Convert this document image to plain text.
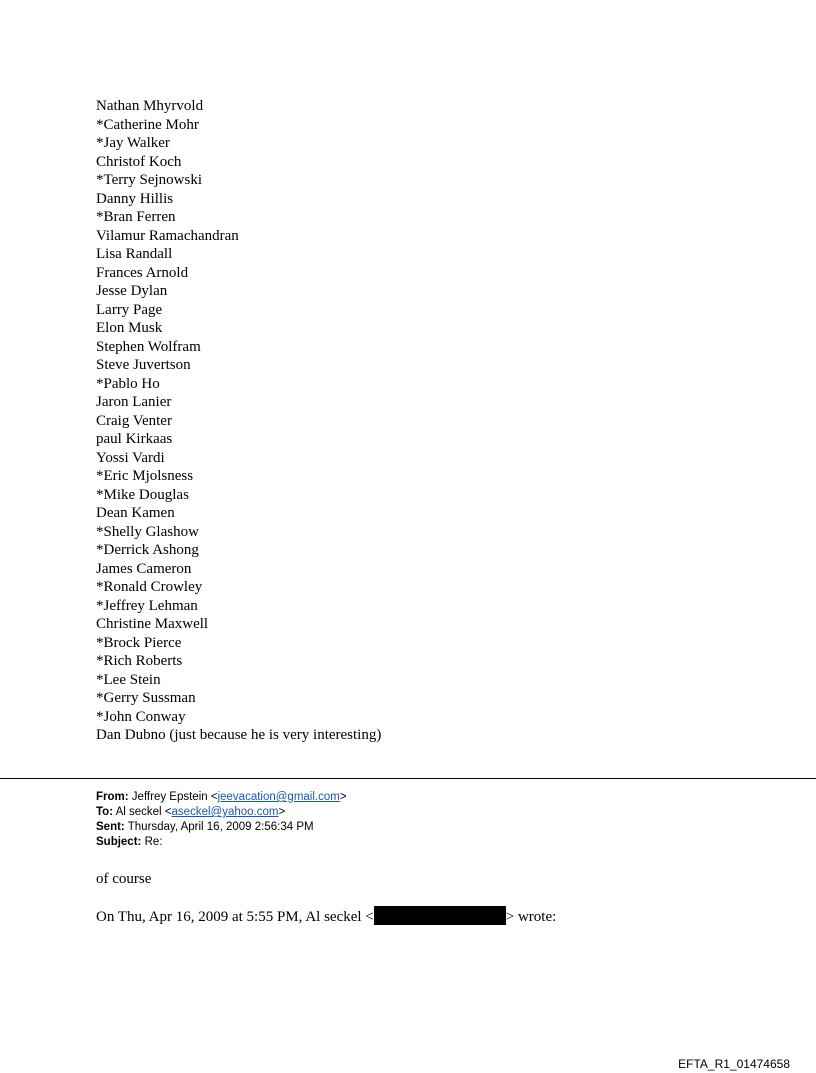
Nathan Mhyrvold
*Catherine Mohr
*Jay Walker
Christof Koch
*Terry Sejnowski
Danny Hillis
*Bran Ferren
Vilamur Ramachandran
Lisa Randall
Frances Arnold
Jesse Dylan
Larry Page
Elon Musk
Stephen Wolfram
Steve Juvertson
*Pablo Ho
Jaron Lanier
Craig Venter
paul Kirkaas
Yossi Vardi
*Eric Mjolsness
*Mike Douglas
Dean Kamen
*Shelly Glashow
*Derrick Ashong
James Cameron
*Ronald Crowley
*Jeffrey Lehman
Christine Maxwell
*Brock Pierce
*Rich Roberts
*Lee Stein
*Gerry Sussman
*John Conway
Dan Dubno (just because he is very interesting)
From: Jeffrey Epstein <jeevacation@gmail.com>
To: Al seckel <aseckel@yahoo.com>
Sent: Thursday, April 16, 2009 2:56:34 PM
Subject: Re:
of course
On Thu, Apr 16, 2009 at 5:55 PM, Al seckel <	> wrote:
EFTA_R1_01474658
